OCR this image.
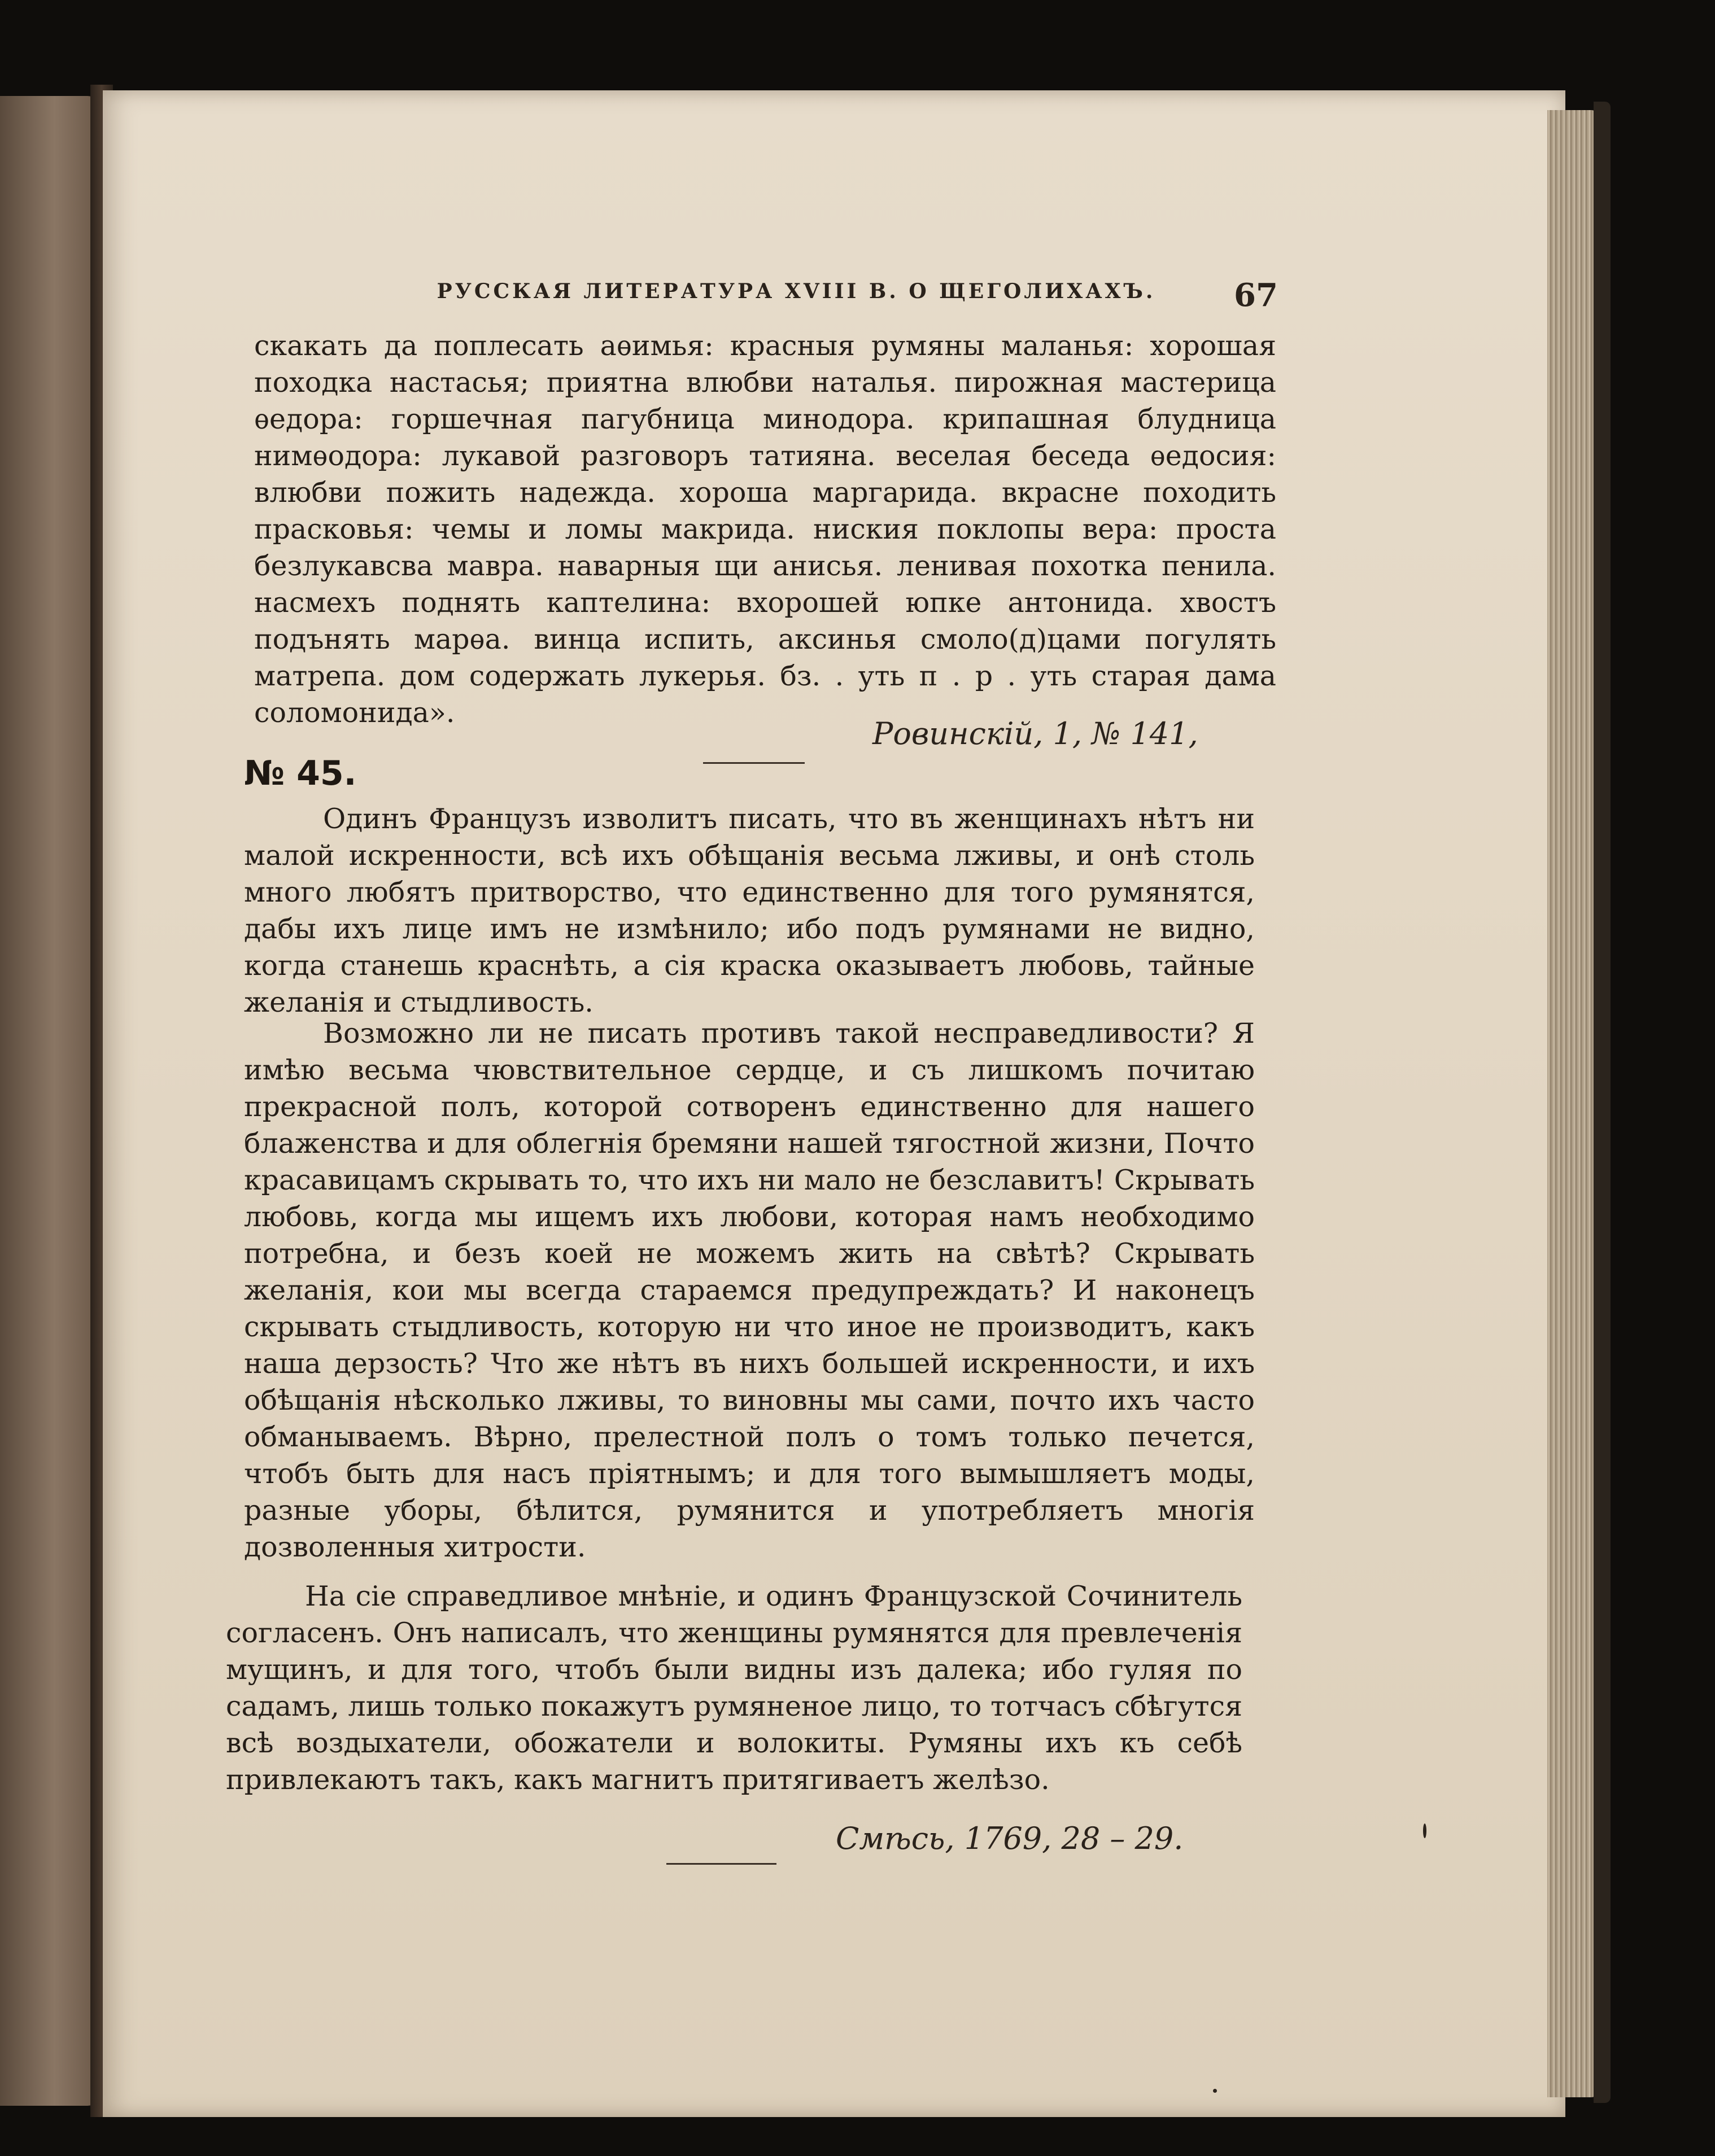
РУССКАЯ ЛИТЕРАТУРА XVIII В. О ЩЕГОЛИХАХЪ. 67
скакать да поплесать аѳимья: красныя румяны маланья: хорошая походка настасья; приятна влюбви наталья. пирожная мастерица ѳедора: горшечная пагубница минодора. крипашная блудница нимѳодора: лукавой разговоръ татияна. веселая беседа ѳедосия: влюбви пожить надежда. хороша маргарида. вкрасне походить прасковья: чемы и ломы макрида. ниския поклопы вера: проста безлукавсва мавра. наварныя щи анисья. ленивая похотка пенила. насмехъ поднять каптелина: вхорошей юпке антонида. хвостъ подънять марѳа. винца испить, аксинья смоло(д)цами погулять матрепа. дом содержать лукерья. бз. . уть п . р . уть старая дама соломонида».
Ровинскій, 1, № 141,
№ 45.
Одинъ Французъ изволитъ писать, что въ женщинахъ нѣтъ ни малой искренности, всѣ ихъ обѣщанія весьма лживы, и онѣ столь много любятъ притворство, что единственно для того румянятся, дабы ихъ лице имъ не измѣнило; ибо подъ румянами не видно, когда станешь краснѣть, а сія краска оказываетъ любовь, тайные желанія и стыдливость.
Возможно ли не писать противъ такой несправедливости? Я имѣю весьма чювствительное сердце, и съ лишкомъ почитаю прекрасной полъ, которой сотворенъ единственно для нашего блаженства и для облегнія бремяни нашей тягостной жизни, Почто красавицамъ скрывать то, что ихъ ни мало не безславитъ! Скрывать любовь, когда мы ищемъ ихъ любови, которая намъ необходимо потребна, и безъ коей не можемъ жить на свѣтѣ? Скрывать желанія, кои мы всегда стараемся предупреждать? И наконецъ скрывать стыдливость, которую ни что иное не производитъ, какъ наша дерзость? Что же нѣтъ въ нихъ большей искренности, и ихъ обѣщанія нѣсколько лживы, то виновны мы сами, почто ихъ часто обманываемъ. Вѣрно, прелестной полъ о томъ только печется, чтобъ быть для насъ пріятнымъ; и для того вымышляетъ моды, разные уборы, бѣлится, румянится и употребляетъ многія дозволенныя хитрости.
На сіе справедливое мнѣніе, и одинъ Французской Сочинитель согласенъ. Онъ написалъ, что женщины румянятся для превлеченія мущинъ, и для того, чтобъ были видны изъ далека; ибо гуляя по садамъ, лишь только покажутъ румяненое лицо, то тотчасъ сбѣгутся всѣ воздыхатели, обожатели и волокиты. Румяны ихъ къ себѣ привлекаютъ такъ, какъ магнитъ притягиваетъ желѣзо.
Смѣсь, 1769, 28 – 29.
